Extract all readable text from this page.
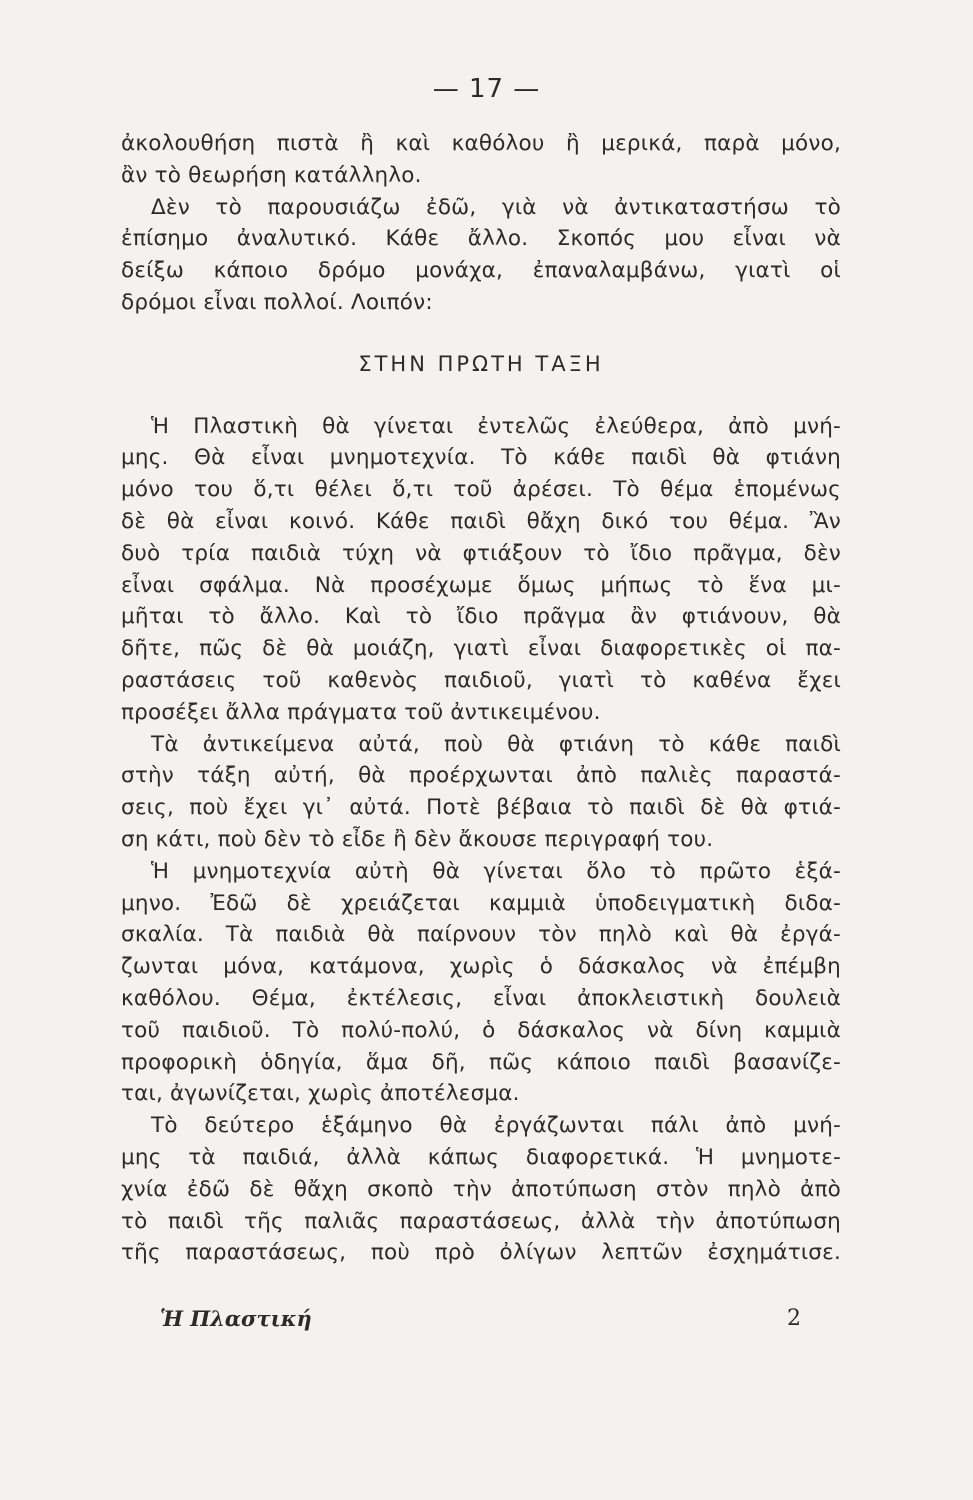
— 17 —
ἀκολουθήση πιστὰ ἢ καὶ καθόλου ἢ μερικά, παρὰ μόνο,
ἂν τὸ θεωρήση κατάλληλο.
Δὲν τὸ παρουσιάζω ἐδῶ, γιὰ νὰ ἀντικαταστήσω τὸ
ἐπίσημο ἀναλυτικό. Κάθε ἄλλο. Σκοπός μου εἶναι νὰ
δείξω κάποιο δρόμο μονάχα, ἐπαναλαμβάνω, γιατὶ οἱ
δρόμοι εἶναι πολλοί. Λοιπόν:
ΣΤΗΝ ΠΡΩΤΗ ΤΑΞΗ
Ἡ Πλαστικὴ θὰ γίνεται ἐντελῶς ἐλεύθερα, ἀπὸ μνή-
μης. Θὰ εἶναι μνημοτεχνία. Τὸ κάθε παιδὶ θὰ φτιάνη
μόνο του ὅ,τι θέλει ὅ,τι τοῦ ἀρέσει. Τὸ θέμα ἑπομένως
δὲ θὰ εἶναι κοινό. Κάθε παιδὶ θἄχη δικό του θέμα. Ἂν
δυὸ τρία παιδιὰ τύχη νὰ φτιάξουν τὸ ἴδιο πρᾶγμα, δὲν
εἶναι σφάλμα. Νὰ προσέχωμε ὅμως μήπως τὸ ἕνα μι-
μῆται τὸ ἄλλο. Καὶ τὸ ἴδιο πρᾶγμα ἂν φτιάνουν, θὰ
δῆτε, πῶς δὲ θὰ μοιάζη, γιατὶ εἶναι διαφορετικὲς οἱ πα-
ραστάσεις τοῦ καθενὸς παιδιοῦ, γιατὶ τὸ καθένα ἔχει
προσέξει ἄλλα πράγματα τοῦ ἀντικειμένου.
Τὰ ἀντικείμενα αὐτά, ποὺ θὰ φτιάνη τὸ κάθε παιδὶ
στὴν τάξη αὐτή, θὰ προέρχωνται ἀπὸ παλιὲς παραστά-
σεις, ποὺ ἔχει γι᾽ αὐτά. Ποτὲ βέβαια τὸ παιδὶ δὲ θὰ φτιά-
ση κάτι, ποὺ δὲν τὸ εἶδε ἢ δὲν ἄκουσε περιγραφή του.
Ἡ μνημοτεχνία αὐτὴ θὰ γίνεται ὅλο τὸ πρῶτο ἑξά-
μηνο. Ἐδῶ δὲ χρειάζεται καμμιὰ ὑποδειγματικὴ διδα-
σκαλία. Τὰ παιδιὰ θὰ παίρνουν τὸν πηλὸ καὶ θὰ ἐργά-
ζωνται μόνα, κατάμονα, χωρὶς ὁ δάσκαλος νὰ ἐπέμβη
καθόλου. Θέμα, ἐκτέλεσις, εἶναι ἀποκλειστικὴ δουλειὰ
τοῦ παιδιοῦ. Τὸ πολύ-πολύ, ὁ δάσκαλος νὰ δίνη καμμιὰ
προφορικὴ ὁδηγία, ἅμα δῆ, πῶς κάποιο παιδὶ βασανίζε-
ται, ἀγωνίζεται, χωρὶς ἀποτέλεσμα.
Τὸ δεύτερο ἑξάμηνο θὰ ἐργάζωνται πάλι ἀπὸ μνή-
μης τὰ παιδιά, ἀλλὰ κάπως διαφορετικά. Ἡ μνημοτε-
χνία ἐδῶ δὲ θἄχη σκοπὸ τὴν ἀποτύπωση στὸν πηλὸ ἀπὸ
τὸ παιδὶ τῆς παλιᾶς παραστάσεως, ἀλλὰ τὴν ἀποτύπωση
τῆς παραστάσεως, ποὺ πρὸ ὀλίγων λεπτῶν ἐσχημάτισε.
Ἡ Πλαστική	2
